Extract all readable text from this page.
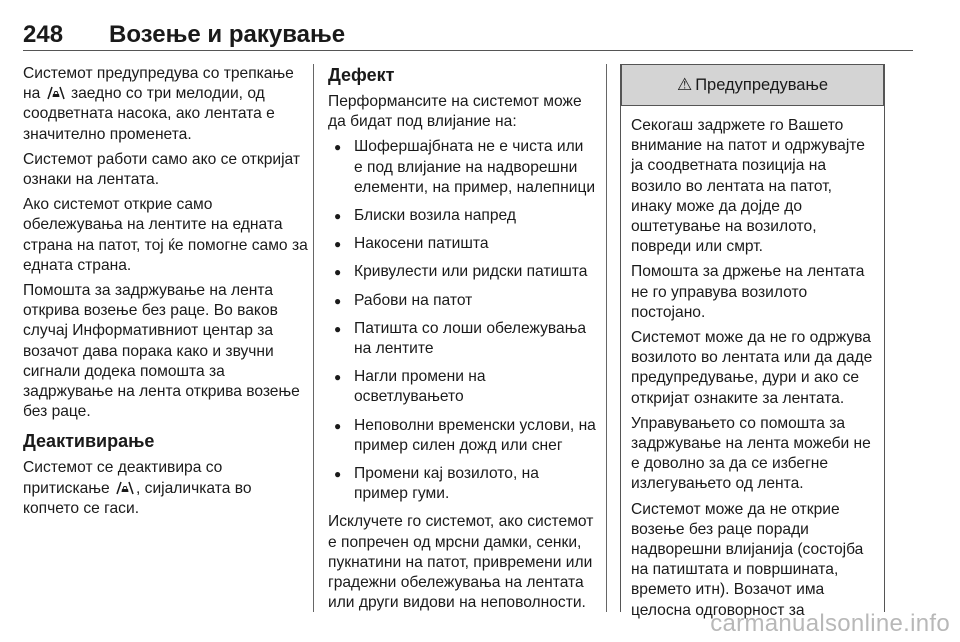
248 Возење и ракување

Системот предупредува со трепкање на  заедно со три мелодии, од соодветната насока, ако лентата е значително променета.

Системот работи само ако се откријат ознаки на лентата.

Ако системот открие само обележувања на лентите на едната страна на патот, тој ќе помогне само за едната страна.

Помошта за задржување на лента открива возење без раце. Во ваков случај Информативниот центар за возачот дава порака како и звучни сигнали додека помошта за задржување на лента открива возење без раце.

Деактивирање

Системот се деактивира со притискање , сијаличката во копчето се гаси.

Дефект

Перформансите на системот може да бидат под влијание на:

● Шофершајбната не е чиста или е под влијание на надворешни елементи, на пример, налепници
● Блиски возила напред
● Накосени патишта
● Кривулести или ридски патишта
● Рабови на патот
● Патишта со лоши обележувања на лентите
● Нагли промени на осветлувањето
● Неповолни временски услови, на пример силен дожд или снег
● Промени кај возилото, на пример гуми.

Исклучете го системот, ако системот е попречен од мрсни дамки, сенки, пукнатини на патот, привремени или градежни обележувања на лентата или други видови на неповолности.

⚠ Предупредување

Секогаш задржете го Вашето внимание на патот и одржувајте ја соодветната позиција на возило во лентата на патот, инаку може да дојде до оштетување на возилото, повреди или смрт.

Помошта за држење на лентата не го управува возилото постојано.

Системот може да не го одржува возилото во лентата или да даде предупредување, дури и ако се откријат ознаките за лентата.

Управувањето со помошта за задржување на лента можеби не е доволно за да се избегне излегувањето од лента.

Системот може да не открие возење без раце поради надворешни влијанија (состојба на патиштата и површината, времето итн). Возачот има целосна одговорност за

carmanualsonline.info
